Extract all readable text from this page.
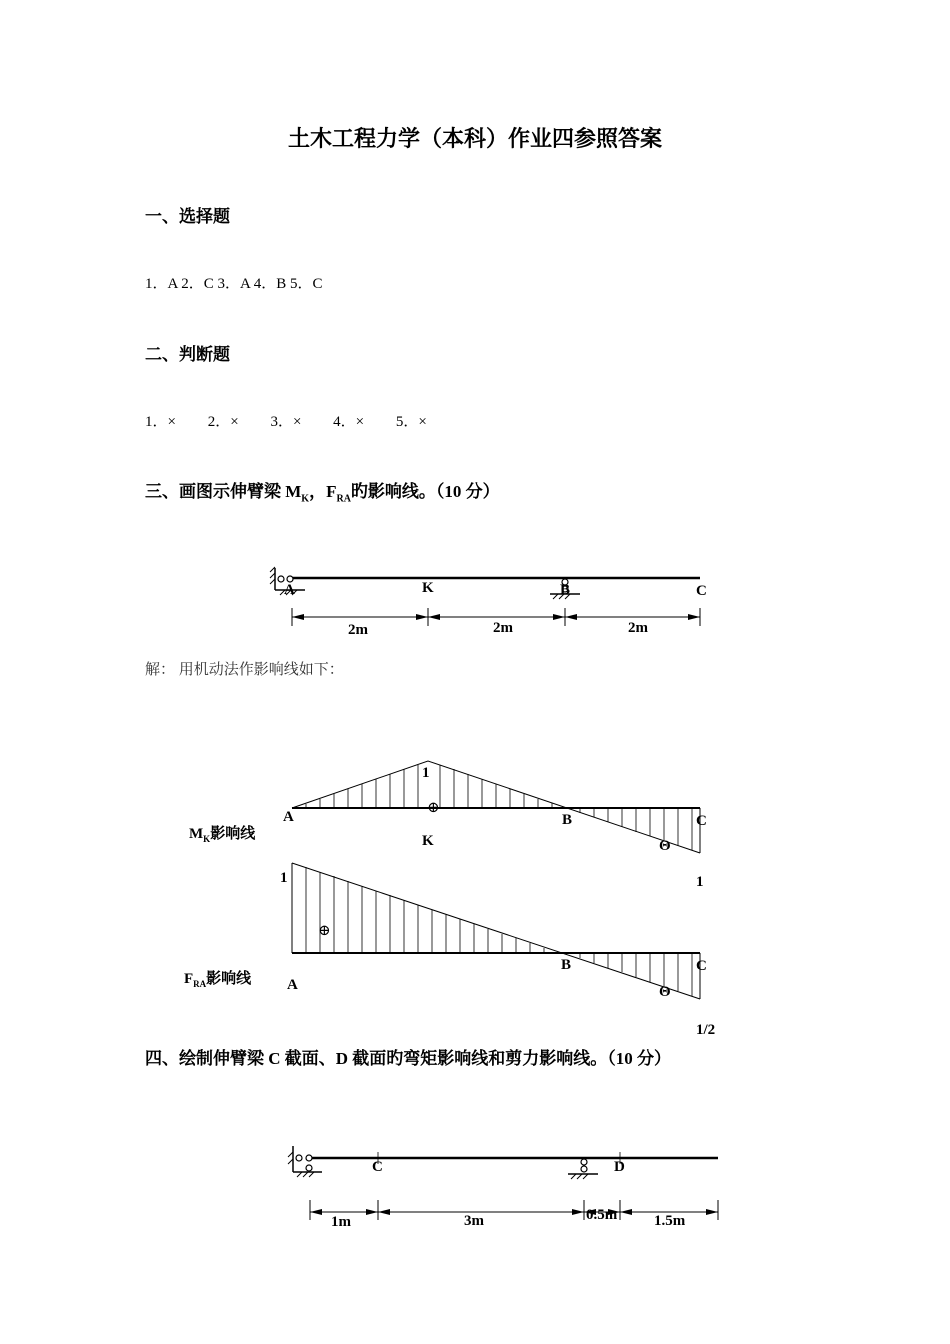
土木工程力学（本科）作业四参照答案
一、选择题
1．A 2．C 3．A 4．B 5．C
二、判断题
1．× 2．× 3．× 4．× 5．×
三、画图示伸臂梁 $M_K$，$F_{RA}$旳影响线。（10 分）
A	K	B	C
2m	2m	2m
解： 用机动法作影响线如下：
1
⊕
Θ
A	B	C
K
$M_K$影响线
1
1
⊕
Θ
B	C
A
$F_{RA}$影响线
1/2
四、绘制伸臂梁 C 截面、D 截面旳弯矩影响线和剪力影响线。（10 分）
C	D
1m	3m	0.5m 1.5m
